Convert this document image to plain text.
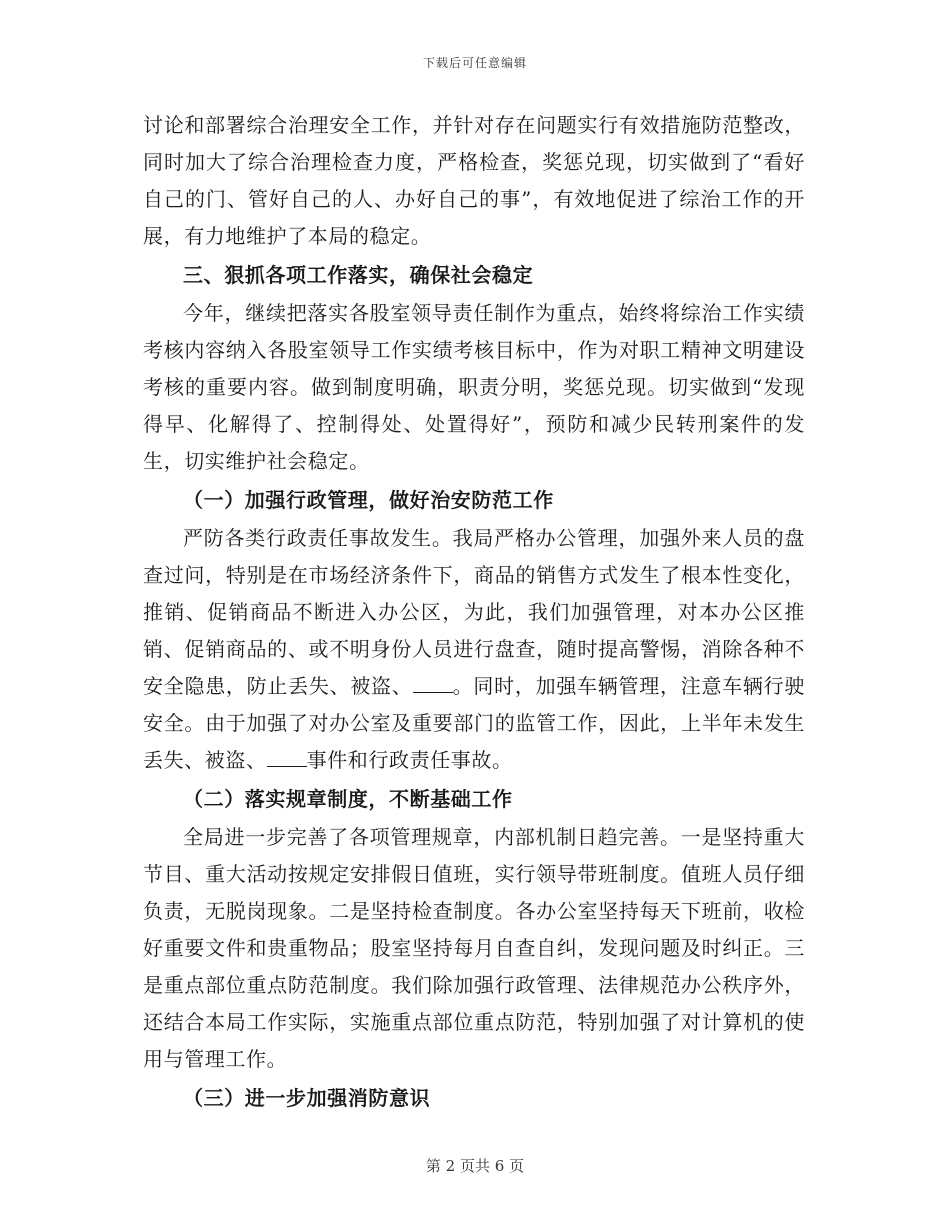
下载后可任意编辑

讨论和部署综合治理安全工作，并针对存在问题实行有效措施防范整改，同时加大了综合治理检查力度，严格检查，奖惩兑现，切实做到了“看好自己的门、管好自己的人、办好自己的事”，有效地促进了综治工作的开展，有力地维护了本局的稳定。

三、狠抓各项工作落实，确保社会稳定

今年，继续把落实各股室领导责任制作为重点，始终将综治工作实绩考核内容纳入各股室领导工作实绩考核目标中，作为对职工精神文明建设考核的重要内容。做到制度明确，职责分明，奖惩兑现。切实做到“发现得早、化解得了、控制得处、处置得好”，预防和减少民转刑案件的发生，切实维护社会稳定。

（一）加强行政管理，做好治安防范工作

严防各类行政责任事故发生。我局严格办公管理，加强外来人员的盘查过问，特别是在市场经济条件下，商品的销售方式发生了根本性变化，推销、促销商品不断进入办公区，为此，我们加强管理，对本办公区推销、促销商品的、或不明身份人员进行盘查，随时提高警惕，消除各种不安全隐患，防止丢失、被盗、 。同时，加强车辆管理，注意车辆行驶安全。由于加强了对办公室及重要部门的监管工作，因此，上半年未发生丢失、被盗、 事件和行政责任事故。

（二）落实规章制度，不断基础工作

全局进一步完善了各项管理规章，内部机制日趋完善。一是坚持重大节目、重大活动按规定安排假日值班，实行领导带班制度。值班人员仔细负责，无脱岗现象。二是坚持检查制度。各办公室坚持每天下班前，收检好重要文件和贵重物品；股室坚持每月自查自纠，发现问题及时纠正。三是重点部位重点防范制度。我们除加强行政管理、法律规范办公秩序外，还结合本局工作实际，实施重点部位重点防范，特别加强了对计算机的使用与管理工作。

（三）进一步加强消防意识

第 2 页共 6 页
